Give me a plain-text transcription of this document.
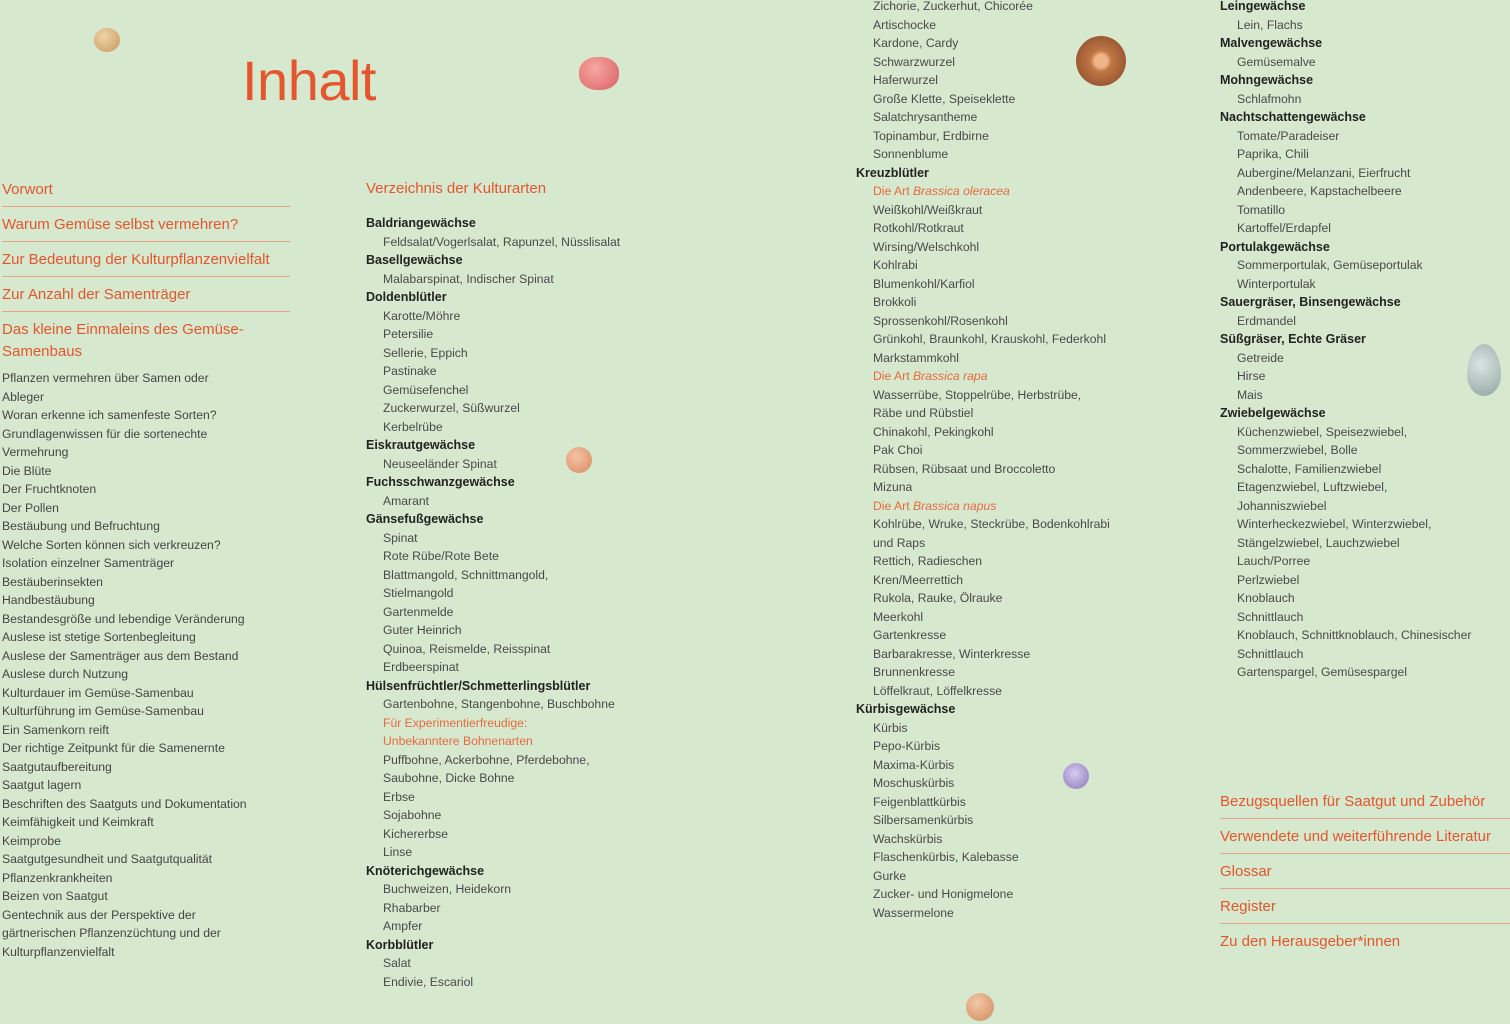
Inhalt
Vorwort
Warum Gemüse selbst vermehren?
Zur Bedeutung der Kulturpflanzenvielfalt
Zur Anzahl der Samenträger
Das kleine Einmaleins des Gemüse-Samenbaus
Pflanzen vermehren über Samen oder
Ableger
Woran erkenne ich samenfeste Sorten?
Grundlagenwissen für die sortenechte
Vermehrung
Die Blüte
Der Fruchtknoten
Der Pollen
Bestäubung und Befruchtung
Welche Sorten können sich verkreuzen?
Isolation einzelner Samenträger
Bestäuberinsekten
Handbestäubung
Bestandesgröße und lebendige Veränderung
Auslese ist stetige Sortenbegleitung
Auslese der Samenträger aus dem Bestand
Auslese durch Nutzung
Kulturdauer im Gemüse-Samenbau
Kulturführung im Gemüse-Samenbau
Ein Samenkorn reift
Der richtige Zeitpunkt für die Samenernte
Saatgutaufbereitung
Saatgut lagern
Beschriften des Saatguts und Dokumentation
Keimfähigkeit und Keimkraft
Keimprobe
Saatgutgesundheit und Saatgutqualität
Pflanzenkrankheiten
Beizen von Saatgut
Gentechnik aus der Perspektive der
gärtnerischen Pflanzenzüchtung und der
Kulturpflanzenvielfalt
Verzeichnis der Kulturarten
Baldriangewächse
Feldsalat/Vogerlsalat, Rapunzel, Nüsslisalat
Basellgewächse
Malabarspinat, Indischer Spinat
Doldenblütler
Karotte/Möhre
Petersilie
Sellerie, Eppich
Pastinake
Gemüsefenchel
Zuckerwurzel, Süßwurzel
Kerbelrübe
Eiskrautgewächse
Neuseeländer Spinat
Fuchsschwanzgewächse
Amarant
Gänsefußgewächse
Spinat
Rote Rübe/Rote Bete
Blattmangold, Schnittmangold,
Stielmangold
Gartenmelde
Guter Heinrich
Quinoa, Reismelde, Reisspinat
Erdbeerspinat
Hülsenfrüchtler/Schmetterlingsblütler
Gartenbohne, Stangenbohne, Buschbohne
Für Experimentierfreudige:
Unbekanntere Bohnenarten
Puffbohne, Ackerbohne, Pferdebohne,
Saubohne, Dicke Bohne
Erbse
Sojabohne
Kichererbse
Linse
Knöterichgewächse
Buchweizen, Heidekorn
Rhabarber
Ampfer
Korbblütler
Salat
Endivie, Escariol
Zichorie, Zuckerhut, Chicorée
Artischocke
Kardone, Cardy
Schwarzwurzel
Haferwurzel
Große Klette, Speiseklette
Salatchrysantheme
Topinambur, Erdbirne
Sonnenblume
Kreuzblütler
Die Art Brassica oleracea
Weißkohl/Weißkraut
Rotkohl/Rotkraut
Wirsing/Welschkohl
Kohlrabi
Blumenkohl/Karfiol
Brokkoli
Sprossenkohl/Rosenkohl
Grünkohl, Braunkohl, Krauskohl, Federkohl
Markstammkohl
Die Art Brassica rapa
Wasserrübe, Stoppelrübe, Herbstrübe,
Räbe und Rübstiel
Chinakohl, Pekingkohl
Pak Choi
Rübsen, Rübsaat und Broccoletto
Mizuna
Die Art Brassica napus
Kohlrübe, Wruke, Steckrübe, Bodenkohlrabi
und Raps
Rettich, Radieschen
Kren/Meerrettich
Rukola, Rauke, Ölrauke
Meerkohl
Gartenkresse
Barbarakresse, Winterkresse
Brunnenkresse
Löffelkraut, Löffelkresse
Kürbisgewächse
Kürbis
Pepo-Kürbis
Maxima-Kürbis
Moschuskürbis
Feigenblattkürbis
Silbersamenkürbis
Wachskürbis
Flaschenkürbis, Kalebasse
Gurke
Zucker- und Honigmelone
Wassermelone
Leingewächse
Lein, Flachs
Malvengewächse
Gemüsemalve
Mohngewächse
Schlafmohn
Nachtschattengewächse
Tomate/Paradeiser
Paprika, Chili
Aubergine/Melanzani, Eierfrucht
Andenbeere, Kapstachelbeere
Tomatillo
Kartoffel/Erdapfel
Portulakgewächse
Sommerportulak, Gemüseportulak
Winterportulak
Sauergräser, Binsengewächse
Erdmandel
Süßgräser, Echte Gräser
Getreide
Hirse
Mais
Zwiebelgewächse
Küchenzwiebel, Speisezwiebel,
Sommerzwiebel, Bolle
Schalotte, Familienzwiebel
Etagenzwiebel, Luftzwiebel,
Johanniszwiebel
Winterheckezwiebel, Winterzwiebel,
Stängelzwiebel, Lauchzwiebel
Lauch/Porree
Perlzwiebel
Knoblauch
Schnittlauch
Knoblauch, Schnittknoblauch, Chinesischer
Schnittlauch
Gartenspargel, Gemüsespargel
Bezugsquellen für Saatgut und Zubehör
Verwendete und weiterführende Literatur
Glossar
Register
Zu den Herausgeber*innen
